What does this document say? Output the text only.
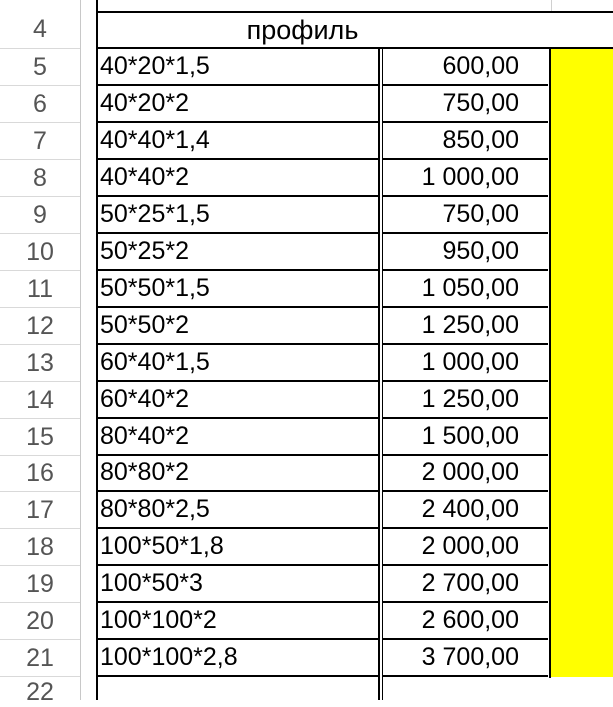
4	профиль
5	40*20*1,5	600,00
6	40*20*2	750,00
7	40*40*1,4	850,00
8	40*40*2	1 000,00
9	50*25*1,5	750,00
10	50*25*2	950,00
11	50*50*1,5	1 050,00
12	50*50*2	1 250,00
13	60*40*1,5	1 000,00
14	60*40*2	1 250,00
15	80*40*2	1 500,00
16	80*80*2	2 000,00
17	80*80*2,5	2 400,00
18	100*50*1,8	2 000,00
19	100*50*3	2 700,00
20	100*100*2	2 600,00
21	100*100*2,8	3 700,00
22
